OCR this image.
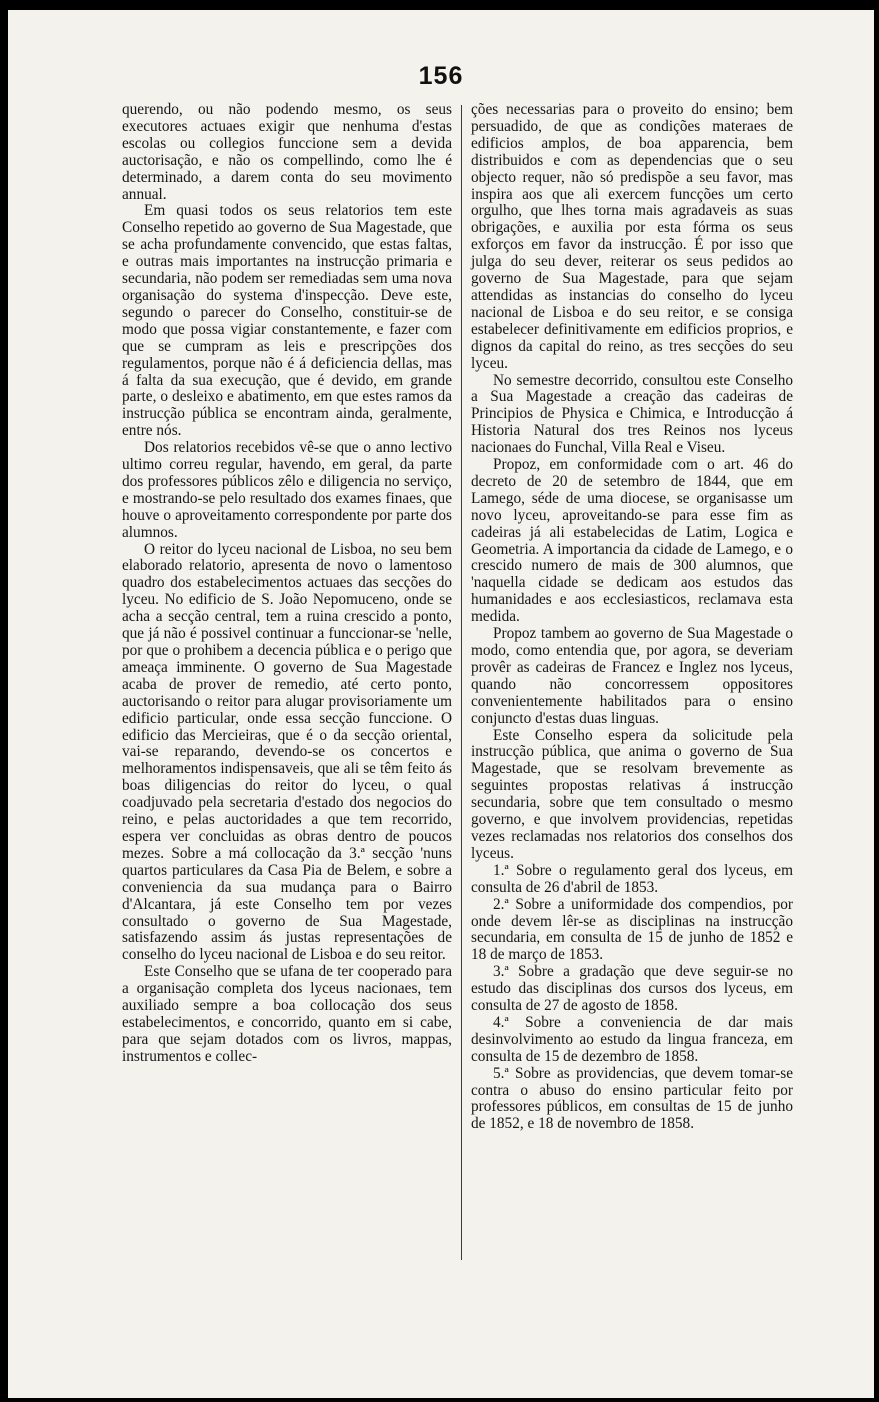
156

querendo, ou não podendo mesmo, os seus executores actuaes exigir que nenhuma d'estas escolas ou collegios funccione sem a devida auctorisação, e não os compellindo, como lhe é determinado, a darem conta do seu movimento annual.

Em quasi todos os seus relatorios tem este Conselho repetido ao governo de Sua Magestade, que se acha profundamente convencido, que estas faltas, e outras mais importantes na instrucção primaria e secundaria, não podem ser remediadas sem uma nova organisação do systema d'inspecção. Deve este, segundo o parecer do Conselho, constituir-se de modo que possa vigiar constantemente, e fazer com que se cumpram as leis e prescripções dos regulamentos, porque não é á deficiencia dellas, mas á falta da sua execução, que é devido, em grande parte, o desleixo e abatimento, em que estes ramos da instrucção pública se encontram ainda, geralmente, entre nós.

Dos relatorios recebidos vê-se que o anno lectivo ultimo correu regular, havendo, em geral, da parte dos professores públicos zêlo e diligencia no serviço, e mostrando-se pelo resultado dos exames finaes, que houve o aproveitamento correspondente por parte dos alumnos.

O reitor do lyceu nacional de Lisboa, no seu bem elaborado relatorio, apresenta de novo o lamentoso quadro dos estabelecimentos actuaes das secções do lyceu. No edificio de S. João Nepomuceno, onde se acha a secção central, tem a ruina crescido a ponto, que já não é possivel continuar a funccionar-se 'nelle, por que o prohibem a decencia pública e o perigo que ameaça imminente. O governo de Sua Magestade acaba de prover de remedio, até certo ponto, auctorisando o reitor para alugar provisoriamente um edificio particular, onde essa secção funccione. O edificio das Mercieiras, que é o da secção oriental, vai-se reparando, devendo-se os concertos e melhoramentos indispensaveis, que ali se têm feito ás boas diligencias do reitor do lyceu, o qual coadjuvado pela secretaria d'estado dos negocios do reino, e pelas auctoridades a que tem recorrido, espera ver concluidas as obras dentro de poucos mezes. Sobre a má collocação da 3.ª secção 'nuns quartos particulares da Casa Pia de Belem, e sobre a conveniencia da sua mudança para o Bairro d'Alcantara, já este Conselho tem por vezes consultado o governo de Sua Magestade, satisfazendo assim ás justas representações de conselho do lyceu nacional de Lisboa e do seu reitor.

Este Conselho que se ufana de ter cooperado para a organisação completa dos lyceus nacionaes, tem auxiliado sempre a boa collocação dos seus estabelecimentos, e concorrido, quanto em si cabe, para que sejam dotados com os livros, mappas, instrumentos e collec-

ções necessarias para o proveito do ensino; bem persuadido, de que as condições materaes de edificios amplos, de boa apparencia, bem distribuidos e com as dependencias que o seu objecto requer, não só predispõe a seu favor, mas inspira aos que ali exercem funcções um certo orgulho, que lhes torna mais agradaveis as suas obrigações, e auxilia por esta fórma os seus exforços em favor da instrucção. É por isso que julga do seu dever, reiterar os seus pedidos ao governo de Sua Magestade, para que sejam attendidas as instancias do conselho do lyceu nacional de Lisboa e do seu reitor, e se consiga estabelecer definitivamente em edificios proprios, e dignos da capital do reino, as tres secções do seu lyceu.

No semestre decorrido, consultou este Conselho a Sua Magestade a creação das cadeiras de Principios de Physica e Chimica, e Introducção á Historia Natural dos tres Reinos nos lyceus nacionaes do Funchal, Villa Real e Viseu.

Propoz, em conformidade com o art. 46 do decreto de 20 de setembro de 1844, que em Lamego, séde de uma diocese, se organisasse um novo lyceu, aproveitando-se para esse fim as cadeiras já ali estabelecidas de Latim, Logica e Geometria. A importancia da cidade de Lamego, e o crescido numero de mais de 300 alumnos, que 'naquella cidade se dedicam aos estudos das humanidades e aos ecclesiasticos, reclamava esta medida.

Propoz tambem ao governo de Sua Magestade o modo, como entendia que, por agora, se deveriam provêr as cadeiras de Francez e Inglez nos lyceus, quando não concorressem oppositores convenientemente habilitados para o ensino conjuncto d'estas duas linguas.

Este Conselho espera da solicitude pela instrucção pública, que anima o governo de Sua Magestade, que se resolvam brevemente as seguintes propostas relativas á instrucção secundaria, sobre que tem consultado o mesmo governo, e que involvem providencias, repetidas vezes reclamadas nos relatorios dos conselhos dos lyceus.

1.ª Sobre o regulamento geral dos lyceus, em consulta de 26 d'abril de 1853.

2.ª Sobre a uniformidade dos compendios, por onde devem lêr-se as disciplinas na instrucção secundaria, em consulta de 15 de junho de 1852 e 18 de março de 1853.

3.ª Sobre a gradação que deve seguir-se no estudo das disciplinas dos cursos dos lyceus, em consulta de 27 de agosto de 1858.

4.ª Sobre a conveniencia de dar mais desinvolvimento ao estudo da lingua franceza, em consulta de 15 de dezembro de 1858.

5.ª Sobre as providencias, que devem tomar-se contra o abuso do ensino particular feito por professores públicos, em consultas de 15 de junho de 1852, e 18 de novembro de 1858.
